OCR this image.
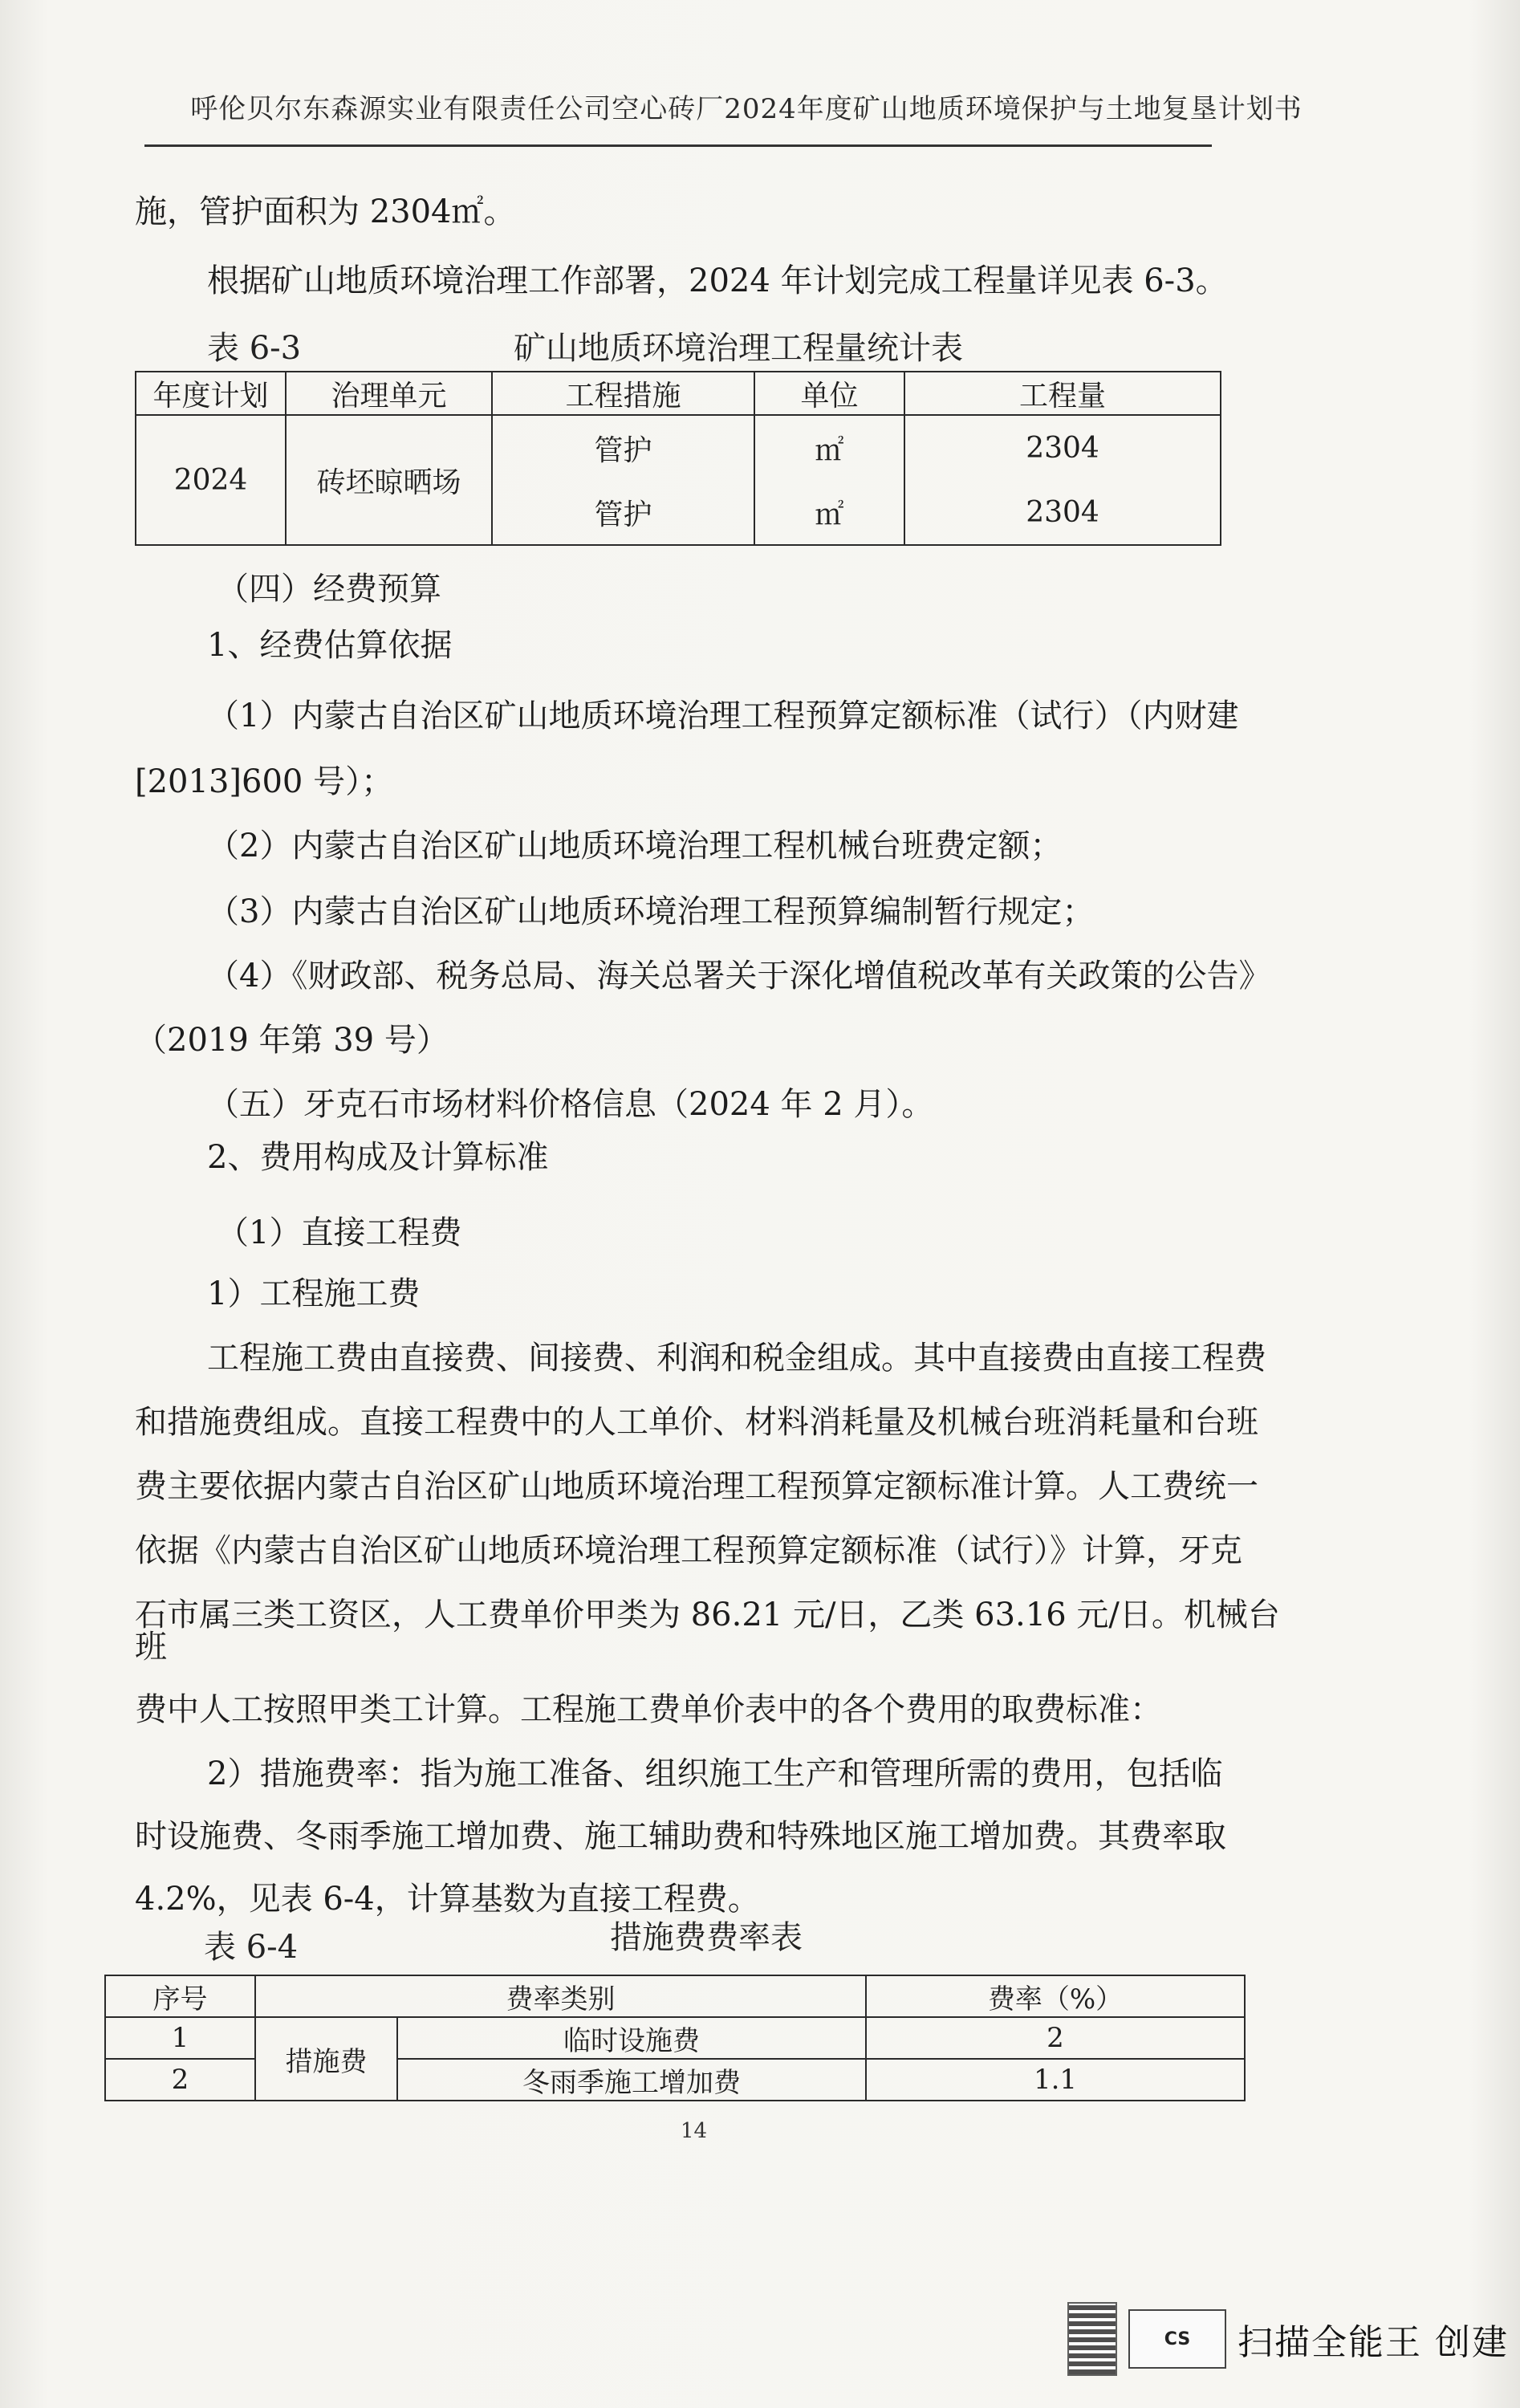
呼伦贝尔东森源实业有限责任公司空心砖厂2024年度矿山地质环境保护与土地复垦计划书
施，管护面积为 2304㎡。
根据矿山地质环境治理工作部署，2024 年计划完成工程量详见表 6-3。
表 6-3	矿山地质环境治理工程量统计表
年度计划	治理单元	工程措施	单位	工程量
2024	砖坯晾晒场	管护	㎡	2304
		管护	㎡	2304
（四）经费预算
1、经费估算依据
（1）内蒙古自治区矿山地质环境治理工程预算定额标准（试行）（内财建
[2013]600 号）；
（2）内蒙古自治区矿山地质环境治理工程机械台班费定额；
（3）内蒙古自治区矿山地质环境治理工程预算编制暂行规定；
（4）《财政部、税务总局、海关总署关于深化增值税改革有关政策的公告》
（2019 年第 39 号）
（五）牙克石市场材料价格信息（2024 年 2 月）。
2、费用构成及计算标准
（1）直接工程费
1）工程施工费
工程施工费由直接费、间接费、利润和税金组成。其中直接费由直接工程费
和措施费组成。直接工程费中的人工单价、材料消耗量及机械台班消耗量和台班
费主要依据内蒙古自治区矿山地质环境治理工程预算定额标准计算。人工费统一
依据《内蒙古自治区矿山地质环境治理工程预算定额标准（试行）》计算，牙克
石市属三类工资区，人工费单价甲类为 86.21 元/日，乙类 63.16 元/日。机械台
班
费中人工按照甲类工计算。工程施工费单价表中的各个费用的取费标准：
2）措施费率：指为施工准备、组织施工生产和管理所需的费用，包括临
时设施费、冬雨季施工增加费、施工辅助费和特殊地区施工增加费。其费率取
4.2%，见表 6-4，计算基数为直接工程费。
表 6-4	措施费费率表
序号	费率类别		费率（%）
1	措施费	临时设施费	2
2		冬雨季施工增加费	1.1
14
CS	扫描全能王 创建
